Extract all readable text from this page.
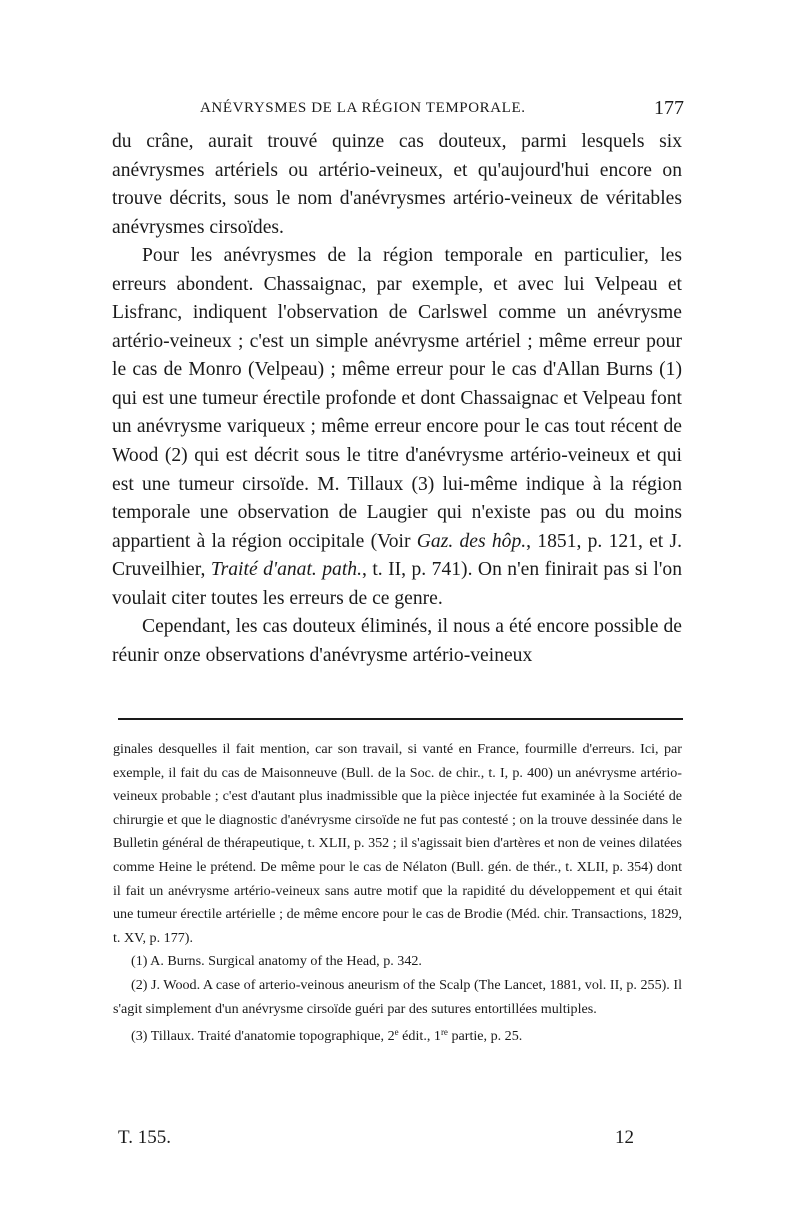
ANÉVRYSMES DE LA RÉGION TEMPORALE.	177

du crâne, aurait trouvé quinze cas douteux, parmi lesquels six anévrysmes artériels ou artério-veineux, et qu'aujourd'hui encore on trouve décrits, sous le nom d'anévrysmes artério-veineux de véritables anévrysmes cirsoïdes.

Pour les anévrysmes de la région temporale en particulier, les erreurs abondent. Chassaignac, par exemple, et avec lui Velpeau et Lisfranc, indiquent l'observation de Carlswel comme un anévrysme artério-veineux ; c'est un simple anévrysme artériel ; même erreur pour le cas de Monro (Velpeau) ; même erreur pour le cas d'Allan Burns (1) qui est une tumeur érectile profonde et dont Chassaignac et Velpeau font un anévrysme variqueux ; même erreur encore pour le cas tout récent de Wood (2) qui est décrit sous le titre d'anévrysme artério-veineux et qui est une tumeur cirsoïde. M. Tillaux (3) lui-même indique à la région temporale une observation de Laugier qui n'existe pas ou du moins appartient à la région occipitale (Voir Gaz. des hôp., 1851, p. 121, et J. Cruveilhier, Traité d'anat. path., t. II, p. 741). On n'en finirait pas si l'on voulait citer toutes les erreurs de ce genre.

Cependant, les cas douteux éliminés, il nous a été encore possible de réunir onze observations d'anévrysme artério-veineux

ginales desquelles il fait mention, car son travail, si vanté en France, fourmille d'erreurs. Ici, par exemple, il fait du cas de Maisonneuve (Bull. de la Soc. de chir., t. I, p. 400) un anévrysme artério-veineux probable ; c'est d'autant plus inadmissible que la pièce injectée fut examinée à la Société de chirurgie et que le diagnostic d'anévrysme cirsoïde ne fut pas contesté ; on la trouve dessinée dans le Bulletin général de thérapeutique, t. XLII, p. 352 ; il s'agissait bien d'artères et non de veines dilatées comme Heine le prétend. De même pour le cas de Nélaton (Bull. gén. de thér., t. XLII, p. 354) dont il fait un anévrysme artério-veineux sans autre motif que la rapidité du développement et qui était une tumeur érectile artérielle ; de même encore pour le cas de Brodie (Méd. chir. Transactions, 1829, t. XV, p. 177).

(1) A. Burns. Surgical anatomy of the Head, p. 342.

(2) J. Wood. A case of arterio-veinous aneurism of the Scalp (The Lancet, 1881, vol. II, p. 255). Il s'agit simplement d'un anévrysme cirsoïde guéri par des sutures entortillées multiples.

(3) Tillaux. Traité d'anatomie topographique, 2e édit., 1re partie, p. 25.

T. 155.	12
